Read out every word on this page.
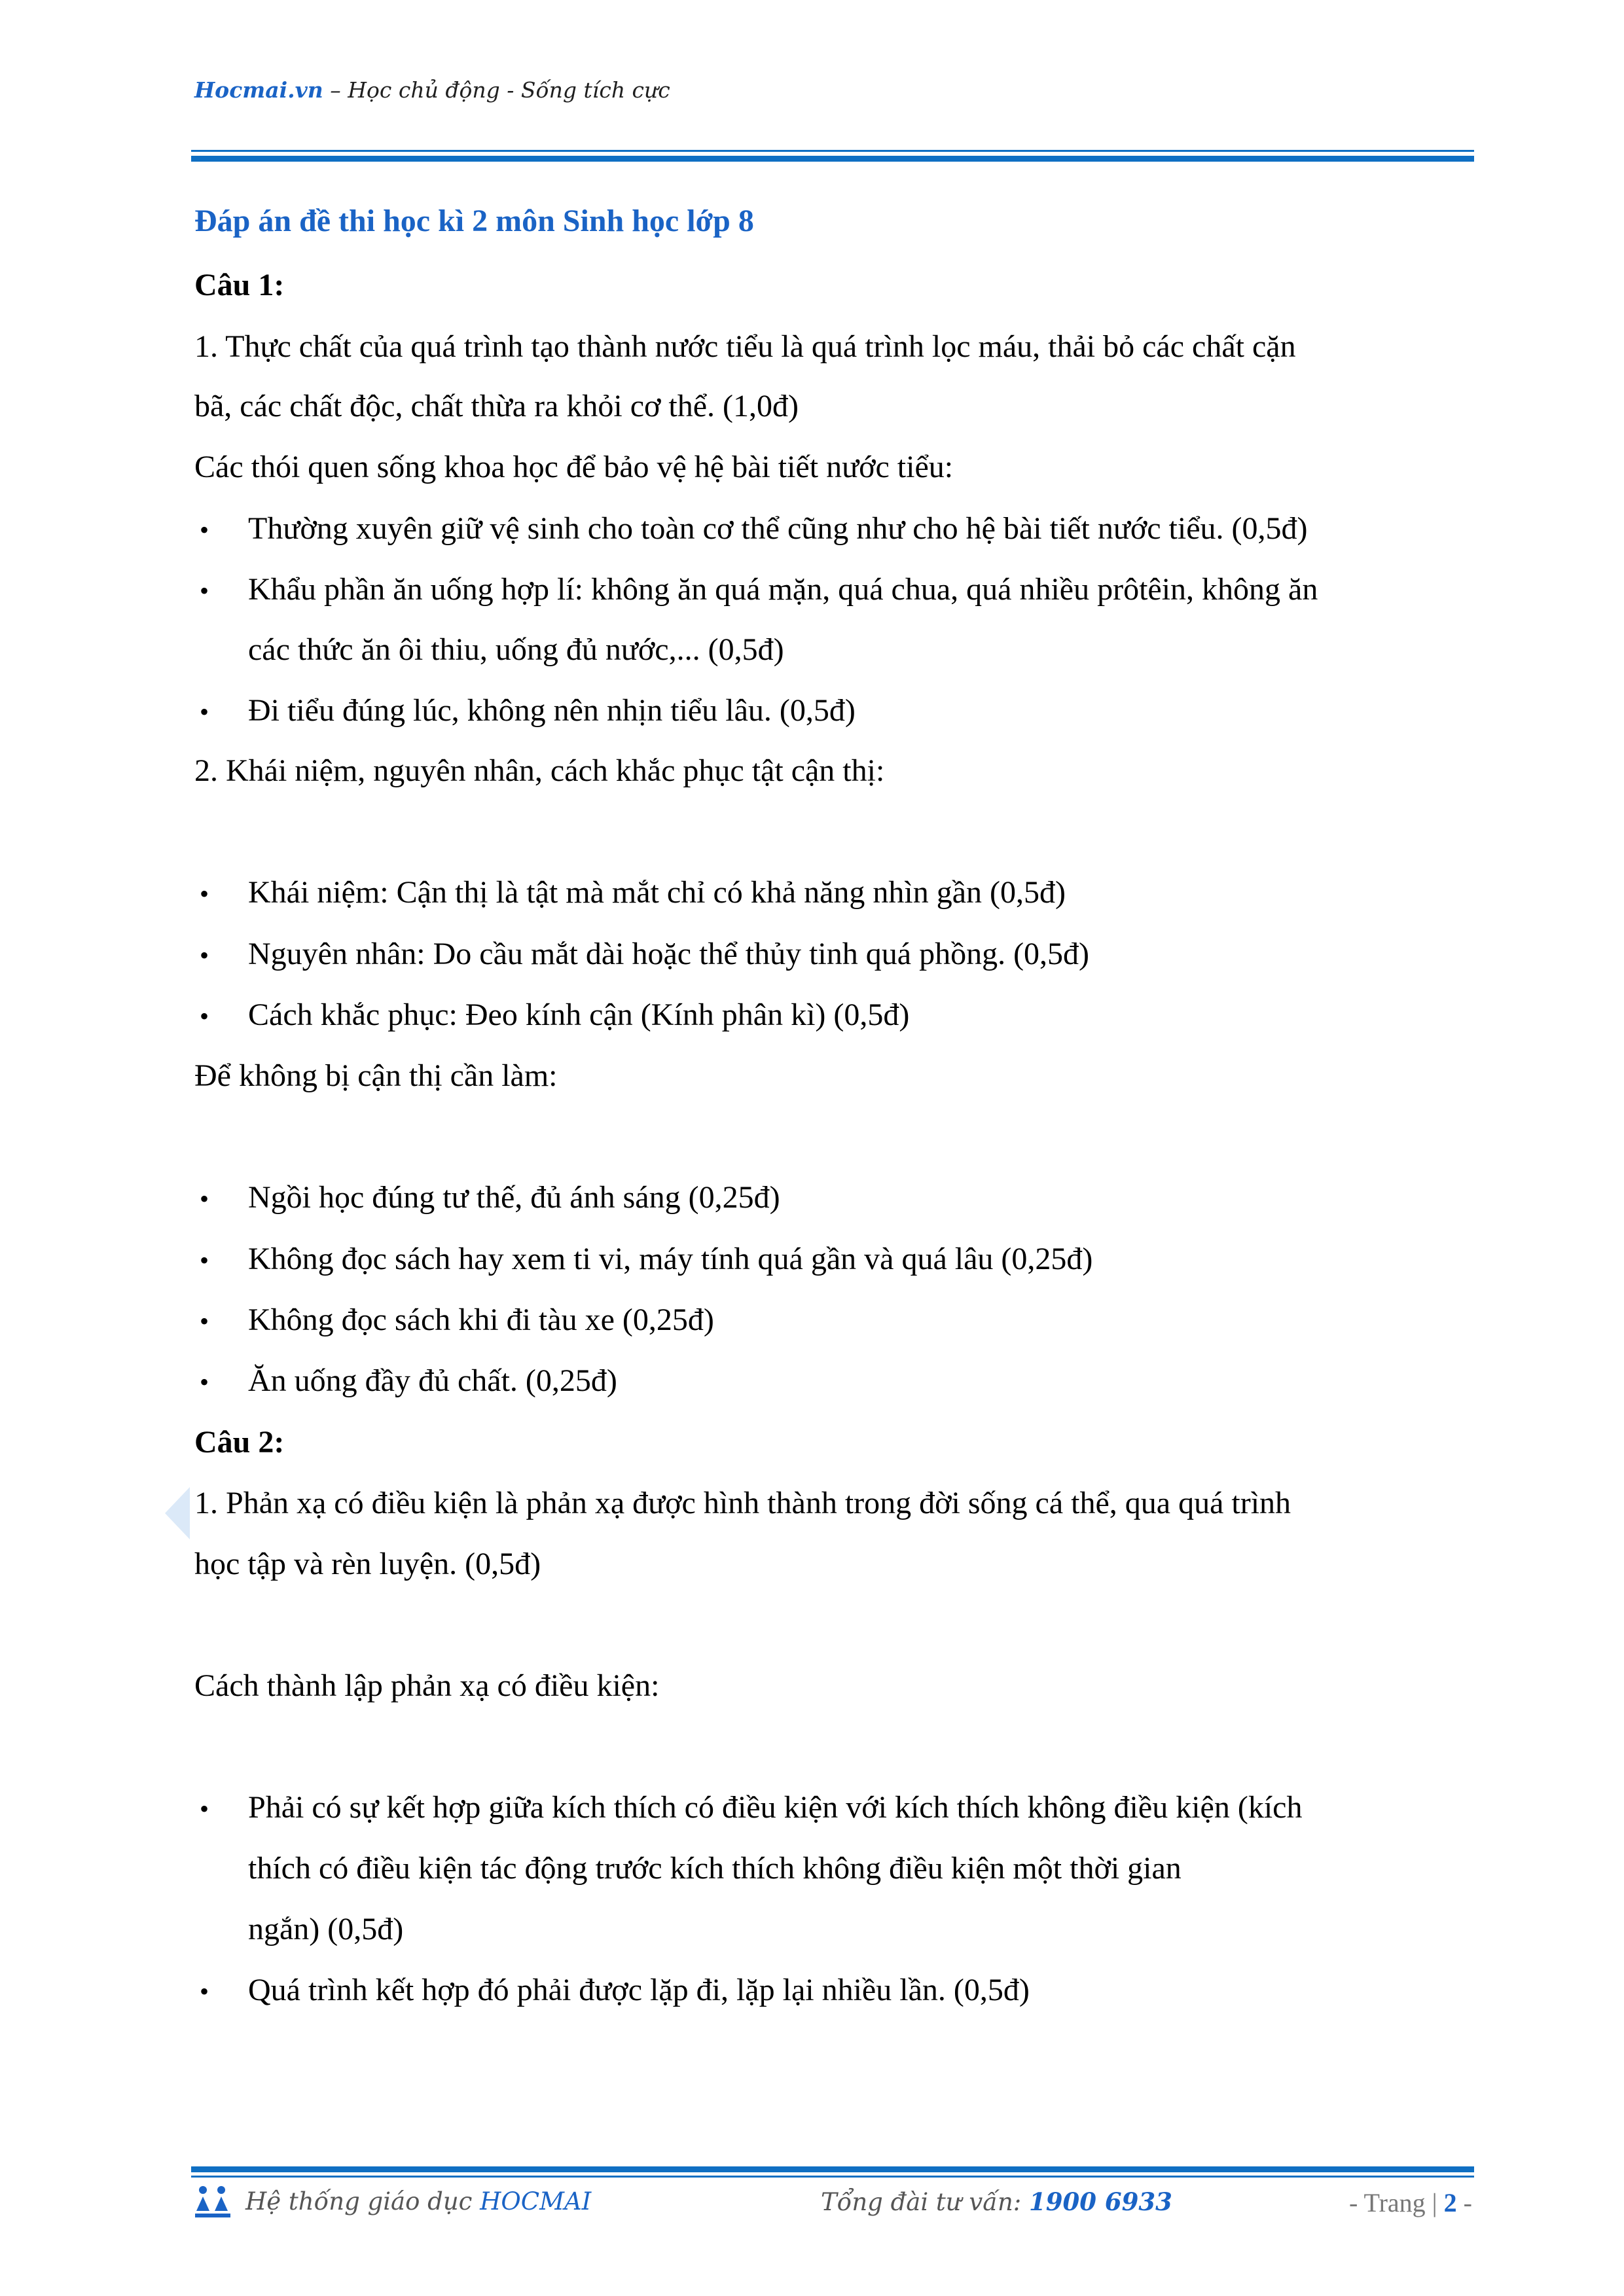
Hocmai.vn – Học chủ động - Sống tích cực
Đáp án đề thi học kì 2 môn Sinh học lớp 8
Câu 1:
1. Thực chất của quá trình tạo thành nước tiểu là quá trình lọc máu, thải bỏ các chất cặn
bã, các chất độc, chất thừa ra khỏi cơ thể. (1,0đ)
Các thói quen sống khoa học để bảo vệ hệ bài tiết nước tiểu:
• Thường xuyên giữ vệ sinh cho toàn cơ thể cũng như cho hệ bài tiết nước tiểu. (0,5đ)
• Khẩu phần ăn uống hợp lí: không ăn quá mặn, quá chua, quá nhiều prôtêin, không ăn
các thức ăn ôi thiu, uống đủ nước,... (0,5đ)
• Đi tiểu đúng lúc, không nên nhịn tiểu lâu. (0,5đ)
2. Khái niệm, nguyên nhân, cách khắc phục tật cận thị:
• Khái niệm: Cận thị là tật mà mắt chỉ có khả năng nhìn gần (0,5đ)
• Nguyên nhân: Do cầu mắt dài hoặc thể thủy tinh quá phồng. (0,5đ)
• Cách khắc phục: Đeo kính cận (Kính phân kì) (0,5đ)
Để không bị cận thị cần làm:
• Ngồi học đúng tư thế, đủ ánh sáng (0,25đ)
• Không đọc sách hay xem ti vi, máy tính quá gần và quá lâu (0,25đ)
• Không đọc sách khi đi tàu xe (0,25đ)
• Ăn uống đầy đủ chất. (0,25đ)
Câu 2:
1. Phản xạ có điều kiện là phản xạ được hình thành trong đời sống cá thể, qua quá trình
học tập và rèn luyện. (0,5đ)
Cách thành lập phản xạ có điều kiện:
• Phải có sự kết hợp giữa kích thích có điều kiện với kích thích không điều kiện (kích
thích có điều kiện tác động trước kích thích không điều kiện một thời gian
ngắn) (0,5đ)
• Quá trình kết hợp đó phải được lặp đi, lặp lại nhiều lần. (0,5đ)
Hệ thống giáo dục HOCMAI	Tổng đài tư vấn: 1900 6933	- Trang | 2 -
